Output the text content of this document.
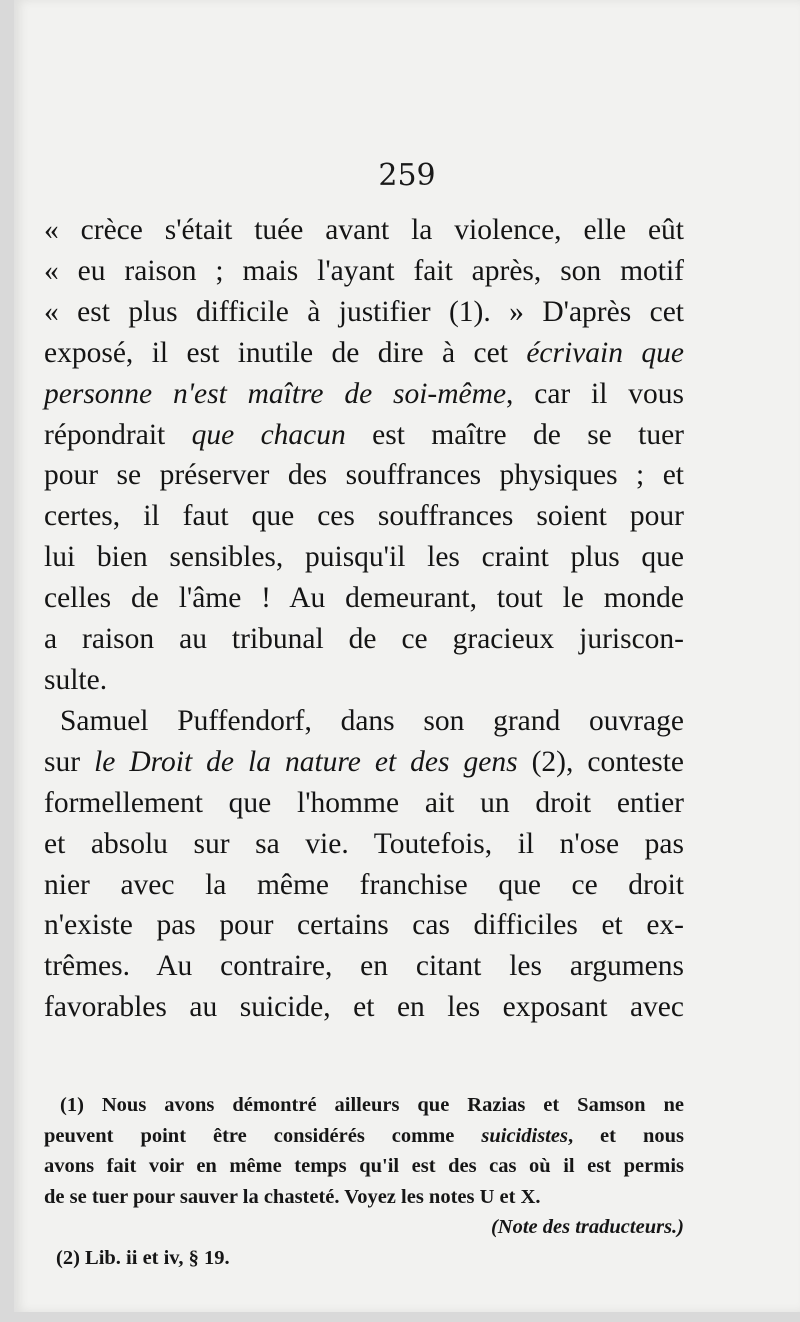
259
« crèce s'était tuée avant la violence, elle eût
« eu raison ; mais l'ayant fait après, son motif
« est plus difficile à justifier (1). » D'après cet
exposé, il est inutile de dire à cet écrivain que
personne n'est maître de soi-même, car il vous
répondrait que chacun est maître de se tuer
pour se préserver des souffrances physiques ; et
certes, il faut que ces souffrances soient pour
lui bien sensibles, puisqu'il les craint plus que
celles de l'âme ! Au demeurant, tout le monde
a raison au tribunal de ce gracieux juriscon-
sulte.
Samuel Puffendorf, dans son grand ouvrage
sur le Droit de la nature et des gens (2), conteste
formellement que l'homme ait un droit entier
et absolu sur sa vie. Toutefois, il n'ose pas
nier avec la même franchise que ce droit
n'existe pas pour certains cas difficiles et ex-
trêmes. Au contraire, en citant les argumens
favorables au suicide, et en les exposant avec
(1) Nous avons démontré ailleurs que Razias et Samson ne
peuvent point être considérés comme suicidistes, et nous
avons fait voir en même temps qu'il est des cas où il est permis
de se tuer pour sauver la chasteté. Voyez les notes U et X.
(Note des traducteurs.)
(2) Lib. ii et iv, § 19.
